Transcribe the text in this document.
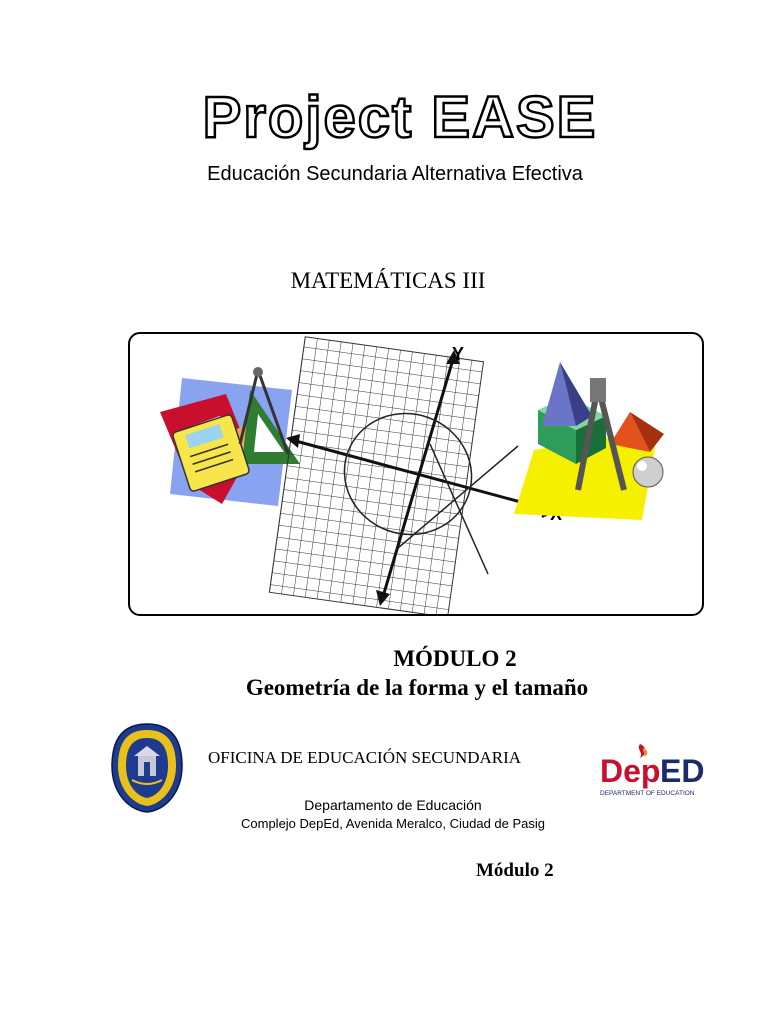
Project EASE
Educación Secundaria Alternativa Efectiva
MATEMÁTICAS III
Y
MÓDULO 2
Geometría de la forma y el tamaño
OFICINA DE EDUCACIÓN SECUNDARIA
Departamento de Educación
Complejo DepEd, Avenida Meralco, Ciudad de Pasig
Dep ED
DEPARTMENT OF EDUCATION
Módulo 2
